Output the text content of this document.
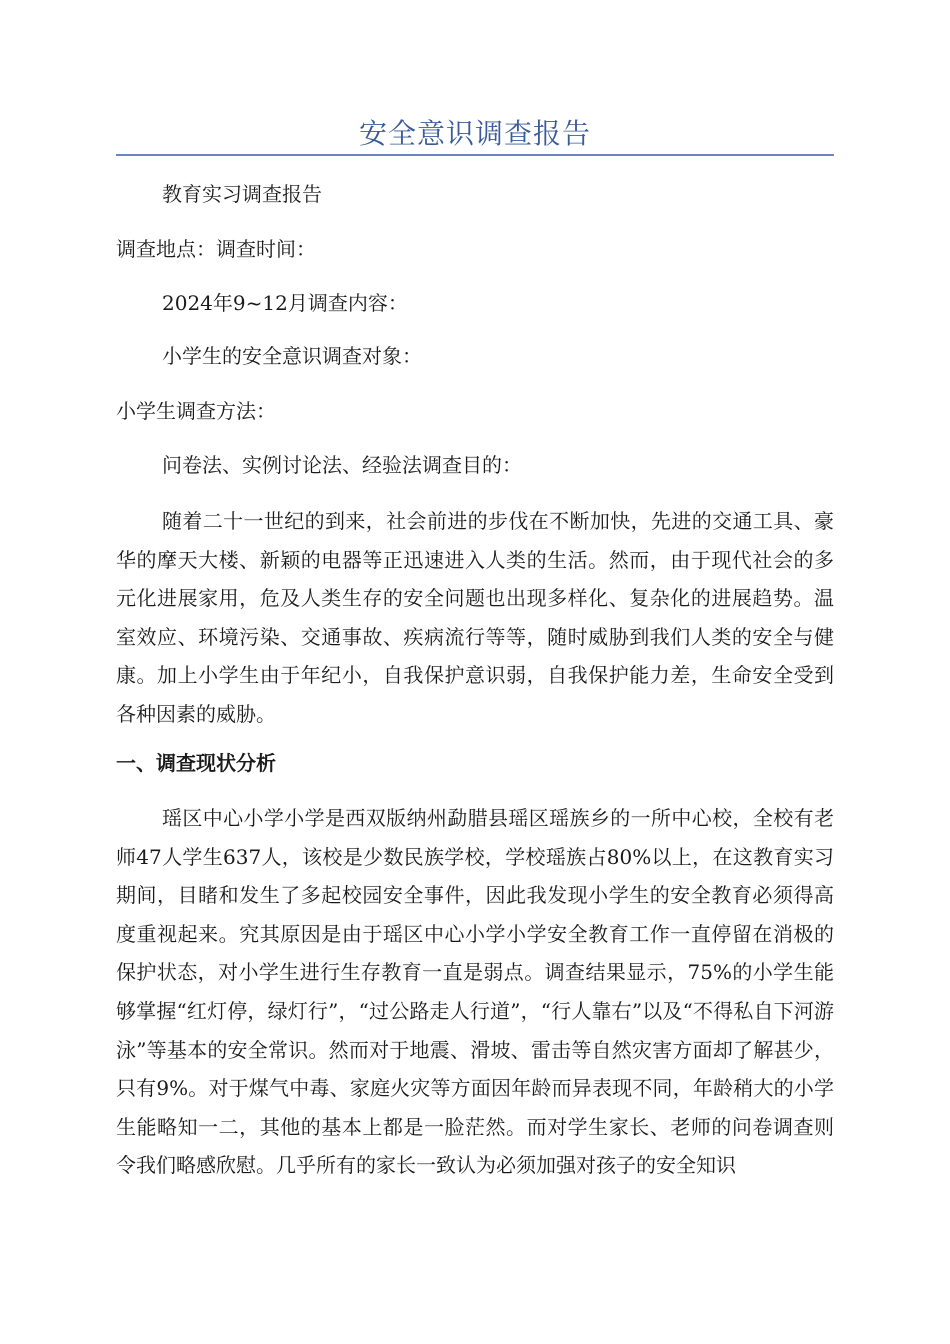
安全意识调查报告

教育实习调查报告

调查地点：调查时间：

2024年9~12月调查内容：

小学生的安全意识调查对象：

小学生调查方法：

问卷法、实例讨论法、经验法调查目的：

随着二十一世纪的到来，社会前进的步伐在不断加快，先进的交通工具、豪华的摩天大楼、新颖的电器等正迅速进入人类的生活。然而，由于现代社会的多元化进展家用，危及人类生存的安全问题也出现多样化、复杂化的进展趋势。温室效应、环境污染、交通事故、疾病流行等等，随时威胁到我们人类的安全与健康。加上小学生由于年纪小，自我保护意识弱，自我保护能力差，生命安全受到各种因素的威胁。

一、调查现状分析

瑶区中心小学小学是西双版纳州勐腊县瑶区瑶族乡的一所中心校，全校有老师47人学生637人，该校是少数民族学校，学校瑶族占80%以上，在这教育实习期间，目睹和发生了多起校园安全事件，因此我发现小学生的安全教育必须得高度重视起来。究其原因是由于瑶区中心小学小学安全教育工作一直停留在消极的保护状态，对小学生进行生存教育一直是弱点。调查结果显示，75%的小学生能够掌握“红灯停，绿灯行”，“过公路走人行道”，“行人靠右”以及“不得私自下河游泳”等基本的安全常识。然而对于地震、滑坡、雷击等自然灾害方面却了解甚少，只有9%。对于煤气中毒、家庭火灾等方面因年龄而异表现不同，年龄稍大的小学生能略知一二，其他的基本上都是一脸茫然。而对学生家长、老师的问卷调查则令我们略感欣慰。几乎所有的家长一致认为必须加强对孩子的安全知识
